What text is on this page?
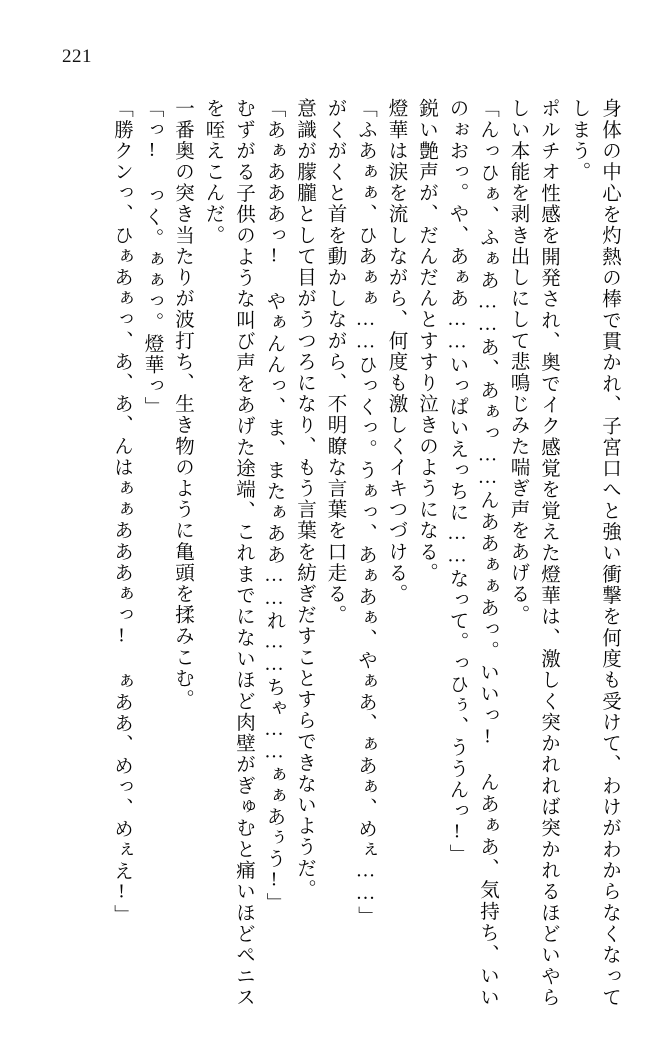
221

身体の中心を灼熱の棒で貫かれ、子宮口へと強い衝撃を何度も受けて、わけがわからなくなってしまう。

ポルチオ性感を開発され、奥でイク感覚を覚えた燈華は、激しく突かれれば突かれるほどいやらしい本能を剥き出しにして悲鳴じみた喘ぎ声をあげる。

「んっひぁ、ふぁあ……あ、あぁっ……んああぁぁあっ。いいっ! んあぁあ、気持ち、いいのぉおっ。や、あぁあ……いっぱいえっちに……なって。っひぅ、ううんっ!」

鋭い艶声が、だんだんとすすり泣きのようになる。

燈華は涙を流しながら、何度も激しくイキつづける。

「ふあぁぁ、ひあぁぁ……ひっくっ。うぁっ、あぁあぁ、やぁあ、ぁあぁ、めぇ……」

がくがくと首を動かしながら、不明瞭な言葉を口走る。

意識が朦朧として目がうつろになり、もう言葉を紡ぎだすことすらできないようだ。

「あぁあああっ! やぁんんっ、ま、またぁああ……れ……ちゃ……ぁぁあぅう!」

むずがる子供のような叫び声をあげた途端、これまでにないほど肉壁がぎゅむと痛いほどペニスを咥えこんだ。

一番奥の突き当たりが波打ち、生き物のように亀頭を揉みこむ。

「っ! っく。ぁぁっ。燈華っ」

「勝クンっ、ひぁあぁっ、あ、あ、んはぁぁあああぁっ! ぁああ、めっ、めぇえ!」
